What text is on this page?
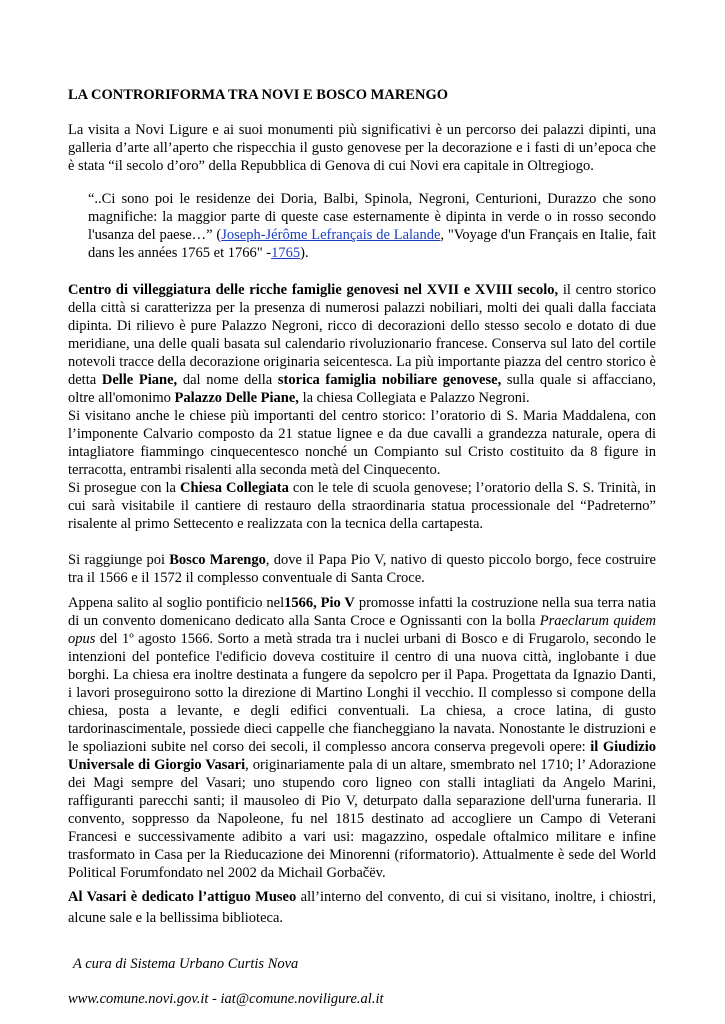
LA CONTRORIFORMA TRA NOVI E BOSCO MARENGO

La visita a Novi Ligure e ai suoi monumenti più significativi è un percorso dei palazzi dipinti, una galleria d’arte all’aperto che rispecchia il gusto genovese per la decorazione e i fasti di un’epoca che è stata “il secolo d’oro” della Repubblica di Genova di cui Novi era capitale in Oltregiogo.

“..Ci sono poi le residenze dei Doria, Balbi, Spinola, Negroni, Centurioni, Durazzo che sono magnifiche: la maggior parte di queste case esternamente è dipinta in verde o in rosso secondo l'usanza del paese…” (Joseph-Jérôme Lefrançais de Lalande, "Voyage d'un Français en Italie, fait dans les années 1765 et 1766" -1765).

Centro di villeggiatura delle ricche famiglie genovesi nel XVII e XVIII secolo, il centro storico della città si caratterizza per la presenza di numerosi palazzi nobiliari, molti dei quali dalla facciata dipinta. Di rilievo è pure Palazzo Negroni, ricco di decorazioni dello stesso secolo e dotato di due meridiane, una delle quali basata sul calendario rivoluzionario francese. Conserva sul lato del cortile notevoli tracce della decorazione originaria seicentesca. La più importante piazza del centro storico è detta Delle Piane, dal nome della storica famiglia nobiliare genovese, sulla quale si affacciano, oltre all'omonimo Palazzo Delle Piane, la chiesa Collegiata e Palazzo Negroni.

Si visitano anche le chiese più importanti del centro storico: l’oratorio di S. Maria Maddalena, con l’imponente Calvario composto da 21 statue lignee e da due cavalli a grandezza naturale, opera di intagliatore fiammingo cinquecentesco nonché un Compianto sul Cristo costituito da 8 figure in terracotta, entrambi risalenti alla seconda metà del Cinquecento.

Si prosegue con la Chiesa Collegiata con le tele di scuola genovese; l’oratorio della S. S. Trinità, in cui sarà visitabile il cantiere di restauro della straordinaria statua processionale del “Padreterno” risalente al primo Settecento e realizzata con la tecnica della cartapesta.

Si raggiunge poi Bosco Marengo, dove il Papa Pio V, nativo di questo piccolo borgo, fece costruire tra il 1566 e il 1572 il complesso conventuale di Santa Croce.

Appena salito al soglio pontificio nel1566, Pio V promosse infatti la costruzione nella sua terra natia di un convento domenicano dedicato alla Santa Croce e Ognissanti con la bolla Praeclarum quidem opus del 1º agosto 1566. Sorto a metà strada tra i nuclei urbani di Bosco e di Frugarolo, secondo le intenzioni del pontefice l'edificio doveva costituire il centro di una nuova città, inglobante i due borghi. La chiesa era inoltre destinata a fungere da sepolcro per il Papa. Progettata da Ignazio Danti, i lavori proseguirono sotto la direzione di Martino Longhi il vecchio. Il complesso si compone della chiesa, posta a levante, e degli edifici conventuali. La chiesa, a croce latina, di gusto tardorinascimentale, possiede dieci cappelle che fiancheggiano la navata. Nonostante le distruzioni e le spoliazioni subite nel corso dei secoli, il complesso ancora conserva pregevoli opere: il Giudizio Universale di Giorgio Vasari, originariamente pala di un altare, smembrato nel 1710; l’ Adorazione dei Magi sempre del Vasari; uno stupendo coro ligneo con stalli intagliati da Angelo Marini, raffiguranti parecchi santi; il mausoleo di Pio V, deturpato dalla separazione dell'urna funeraria. Il convento, soppresso da Napoleone, fu nel 1815 destinato ad accogliere un Campo di Veterani Francesi e successivamente adibito a vari usi: magazzino, ospedale oftalmico militare e infine trasformato in Casa per la Rieducazione dei Minorenni (riformatorio). Attualmente è sede del World Political Forumfondato nel 2002 da Michail Gorbačëv.

Al Vasari è dedicato l’attiguo Museo all’interno del convento, di cui si visitano, inoltre, i chiostri, alcune sale e la bellissima biblioteca.

A cura di Sistema Urbano Curtis Nova

www.comune.novi.gov.it - iat@comune.noviligure.al.it
